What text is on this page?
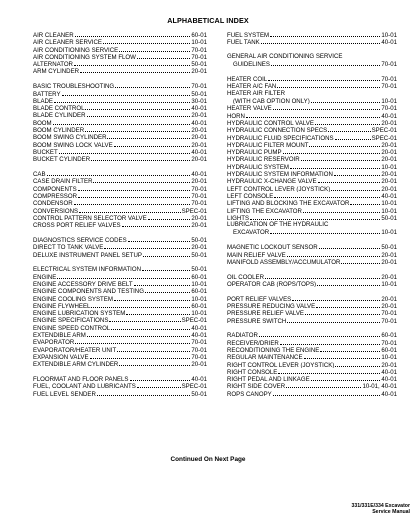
ALPHABETICAL INDEX
AIR CLEANER	60-01
AIR CLEANER SERVICE	10-01
AIR CONDITIONING SERVICE	70-01
AIR CONDITIONING SYSTEM FLOW	70-01
ALTERNATOR	50-01
ARM CYLINDER	20-01
BASIC TROUBLESHOOTING	70-01
BATTERY	50-01
BLADE	30-01
BLADE CONTROL	40-01
BLADE CYLINDER	20-01
BOOM	40-01
BOOM CYLINDER	20-01
BOOM SWING CYLINDER	20-01
BOOM SWING LOCK VALVE	20-01
BUCKET	40-01
BUCKET CYLINDER	20-01
CAB	40-01
CASE DRAIN FILTER	20-01
COMPONENTS	70-01
COMPRESSOR	70-01
CONDENSOR	70-01
CONVERSIONS	SPEC-01
CONTROL PATTERN SELECTOR VALVE	20-01
CROSS PORT RELIEF VALVES	20-01
DIAGNOSTICS SERVICE CODES	50-01
DIRECT TO TANK VALVE	20-01
DELUXE INSTRUMENT PANEL SETUP	50-01
ELECTRICAL SYSTEM INFORMATION	50-01
ENGINE	60-01
ENGINE ACCESSORY DRIVE BELT	10-01
ENGINE COMPONENTS AND TESTING	60-01
ENGINE COOLING SYSTEM	10-01
ENGINE FLYWHEEL	60-01
ENGINE LUBRICATION SYSTEM	10-01
ENGINE SPECIFICATIONS	SPEC-01
ENGINE SPEED CONTROL	40-01
EXTENDIBLE ARM	40-01
EVAPORATOR	70-01
EVAPORATOR/HEATER UNIT	70-01
EXPANSION VALVE	70-01
EXTENDIBLE ARM CYLINDER	20-01
FLOORMAT AND FLOOR PANELS	40-01
FUEL, COOLANT AND LUBRICANTS	SPEC-01
FUEL LEVEL SENDER	50-01
FUEL SYSTEM	10-01
FUEL TANK	40-01
GENERAL AIR CONDITIONING SERVICE
GUIDELINES	70-01
HEATER COIL	70-01
HEATER A/C FAN	70-01
HEATER AIR FILTER
(WITH CAB OPTION ONLY)	10-01
HEATER VALVE	70-01
HORN	40-01
HYDRAULIC CONTROL VALVE	20-01
HYDRAULIC CONNECTION SPECS	SPEC-01
HYDRAULIC FLUID SPECIFICATIONS	SPEC-01
HYDRAULIC FILTER MOUNT	20-01
HYDRAULIC PUMP	20-01
HYDRAULIC RESERVOIR	20-01
HYDRAULIC SYSTEM	10-01
HYDRAULIC SYSTEM INFORMATION	20-01
HYDRAULIC X-CHANGE VALVE	20-01
LEFT CONTROL LEVER (JOYSTICK)	20-01
LEFT CONSOLE	40-01
LIFTING AND BLOCKING THE EXCAVATOR	10-01
LIFTING THE EXCAVATOR	10-01
LIGHTS	50-01
LUBRICATION OF THE HYDRAULIC
EXCAVATOR	10-01
MAGNETIC LOCKOUT SENSOR	50-01
MAIN RELIEF VALVE	20-01
MANIFOLD ASSEMBLY/ACCUMULATOR	20-01
OIL COOLER	20-01
OPERATOR CAB (ROPS/TOPS)	10-01
PORT RELIEF VALVES	20-01
PRESSURE REDUCING VALVE	20-01
PRESSURE RELIEF VALVE	70-01
PRESSURE SWITCH	70-01
RADIATOR	60-01
RECEIVER/DRIER	70-01
RECONDITIONING THE ENGINE	60-01
REGULAR MAINTENANCE	10-01
RIGHT CONTROL LEVER (JOYSTICK)	20-01
RIGHT CONSOLE	40-01
RIGHT PEDAL AND LINKAGE	40-01
RIGHT SIDE COVER	10-01, 40-01
ROPS CANOPY	40-01
Continued On Next Page
331/331E/334 Excavator
Service Manual
